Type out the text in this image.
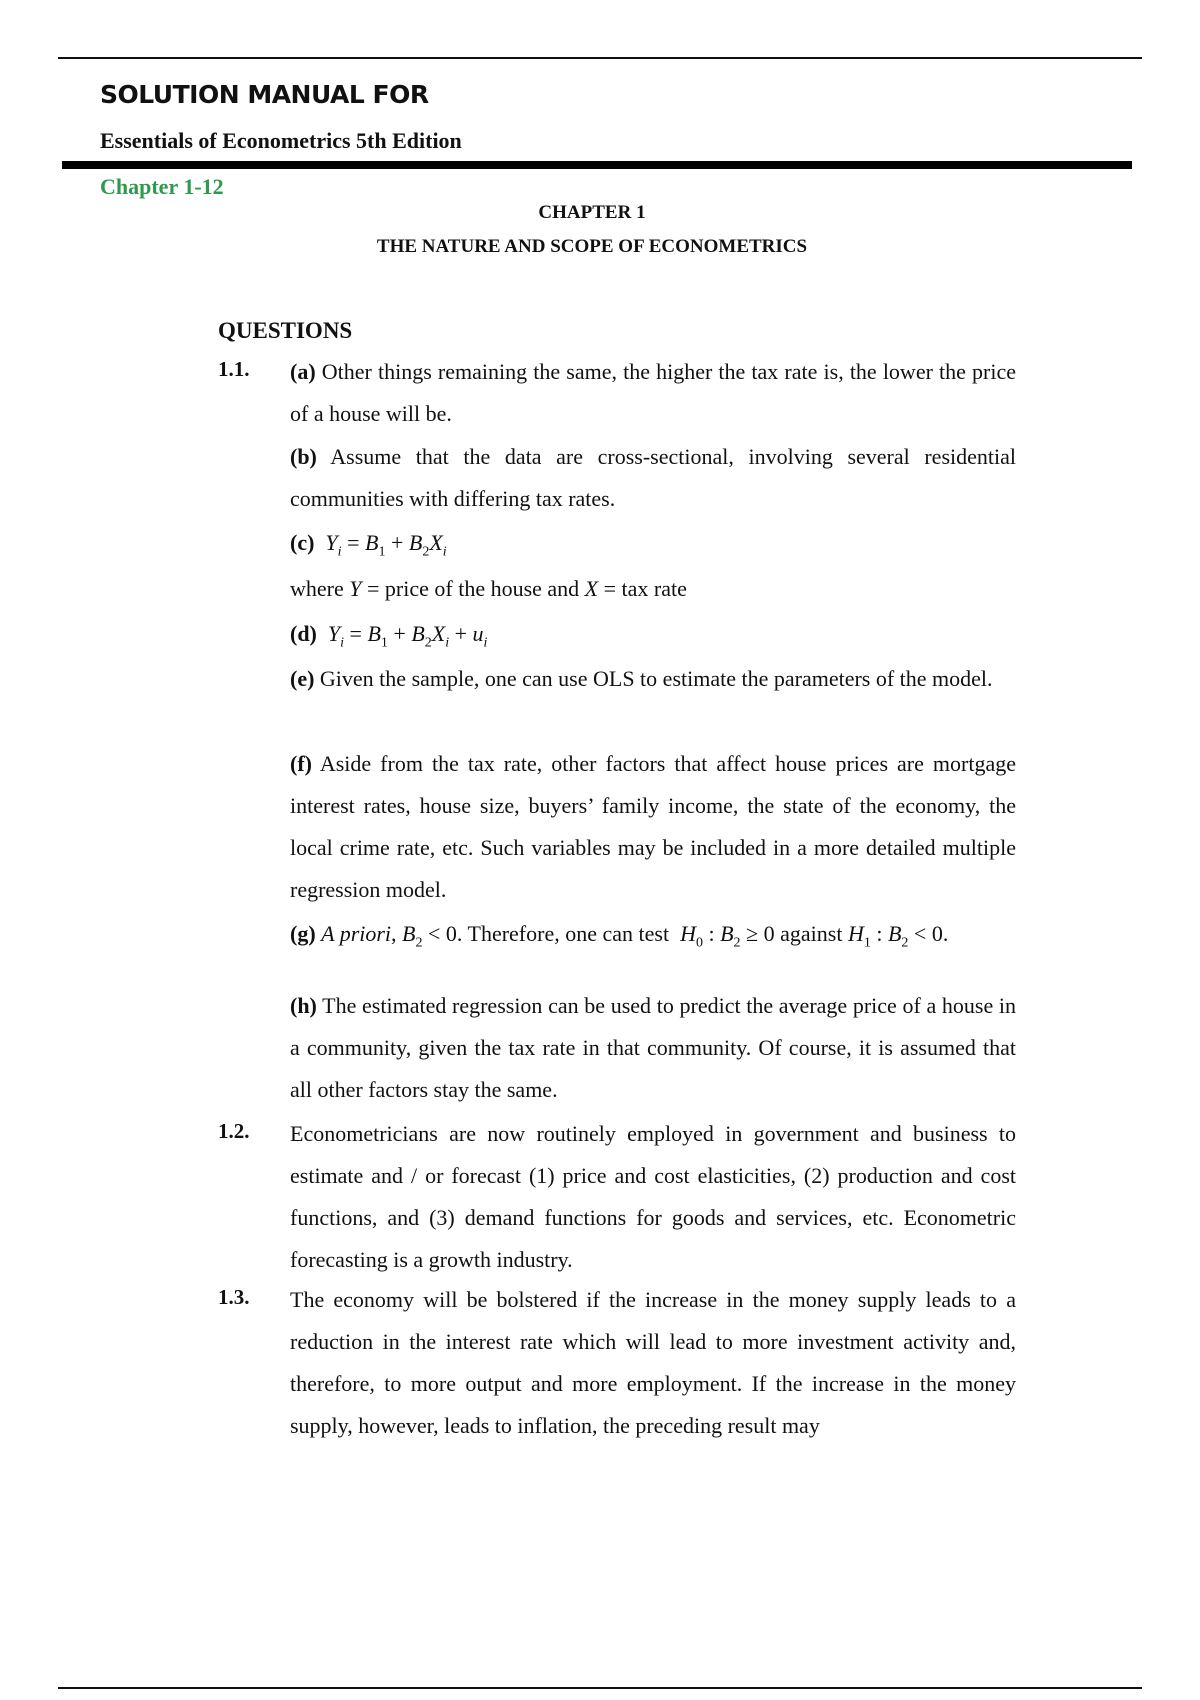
SOLUTION MANUAL FOR
Essentials of Econometrics 5th Edition
Chapter 1-12
CHAPTER 1
THE NATURE AND SCOPE OF ECONOMETRICS
QUESTIONS
1.1. (a) Other things remaining the same, the higher the tax rate is, the lower the price of a house will be.

(b) Assume that the data are cross-sectional, involving several residential communities with differing tax rates.

(c) $Y_i = B_1 + B_2X_i$
where Y = price of the house and X = tax rate
(d) $Y_i = B_1 + B_2X_i + u_i$

(e) Given the sample, one can use OLS to estimate the parameters of the model.

(f) Aside from the tax rate, other factors that affect house prices are mortgage interest rates, house size, buyers’ family income, the state of the economy, the local crime rate, etc. Such variables may be included in a more detailed multiple regression model.

(g) A priori, $B_2 < 0$. Therefore, one can test $H_0$ : $B_2 \ge 0$ against $H_1$ : $B_2 < 0$.

(h) The estimated regression can be used to predict the average price of a house in a community, given the tax rate in that community. Of course, it is assumed that all other factors stay the same.

1.2. Econometricians are now routinely employed in government and business to estimate and / or forecast (1) price and cost elasticities, (2) production and cost functions, and (3) demand functions for goods and services, etc. Econometric forecasting is a growth industry.

1.3. The economy will be bolstered if the increase in the money supply leads to a reduction in the interest rate which will lead to more investment activity and, therefore, to more output and more employment. If the increase in the money supply, however, leads to inflation, the preceding result may
